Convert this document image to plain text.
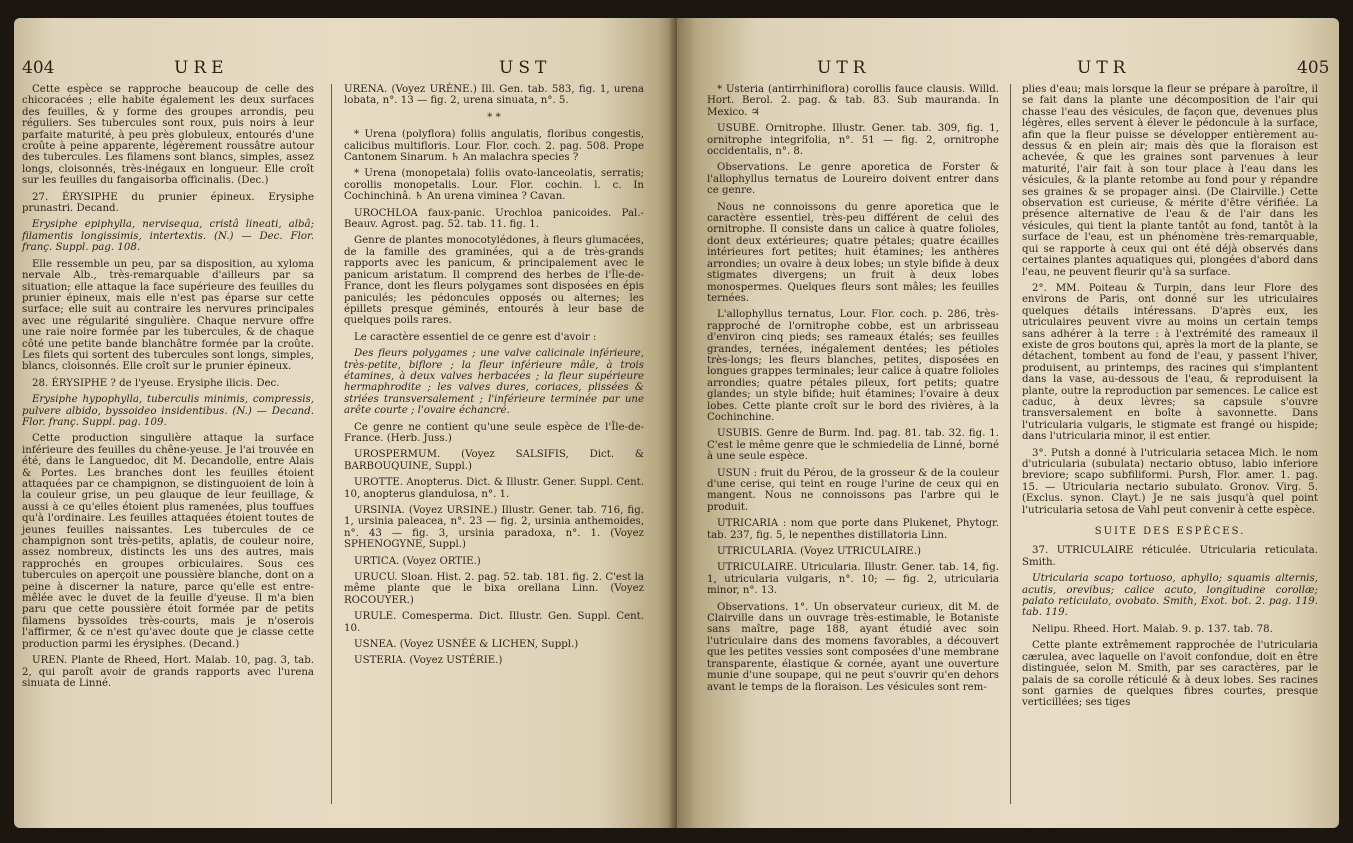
404	URE	UST

Cette espèce se rapproche beaucoup de celle des chicoracées ; elle habite également les deux surfaces des feuilles, & y forme des groupes arrondis, peu réguliers. Ses tubercules sont roux, puis noirs à leur parfaite maturité, à peu près globuleux, entourés d'une croûte à peine apparente, légèrement roussâtre autour des tubercules. Les filamens sont blancs, simples, assez longs, cloisonnés, très-inégaux en longueur. Elle croît sur les feuilles du fangaisorba officinalis. (Dec.)

27. ÉRYSIPHE du prunier épineux. Erysiphe prunastri. Decand.

Erysiphe epiphylla, nervisequa, cristâ lineati, albâ; filamentis longissimis, intertextis. (N.) — Dec. Flor. franç. Suppl. pag. 108.

Elle ressemble un peu, par sa disposition, au xyloma nervale Alb., très-remarquable d'ailleurs par sa situation; elle attaque la face supérieure des feuilles du prunier épineux, mais elle n'est pas éparse sur cette surface; elle suit au contraire les nervures principales avec une régularité singulière. Chaque nervure offre une raie noire formée par les tubercules, & de chaque côté une petite bande blanchâtre formée par la croûte. Les filets qui sortent des tubercules sont longs, simples, blancs, cloisonnés. Elle croît sur le prunier épineux.

28. ÉRYSIPHE ? de l'yeuse. Erysiphe ilicis. Dec.

Erysiphe hypophylla, tuberculis minimis, compressis, pulvere albido, byssoideo insidentibus. (N.) — Decand. Flor. franç. Suppl. pag. 109.

Cette production singulière attaque la surface inférieure des feuilles du chêne-yeuse. Je l'ai trouvée en été, dans le Languedoc, dit M. Decandolle, entre Alais & Portes. Les branches dont les feuilles étoient attaquées par ce champignon, se distinguoient de loin à la couleur grise, un peu glauque de leur feuillage, & aussi à ce qu'elles étoient plus ramenées, plus touffues qu'à l'ordinaire. Les feuilles attaquées étoient toutes de jeunes feuilles naissantes. Les tubercules de ce champignon sont très-petits, aplatis, de couleur noire, assez nombreux, distincts les uns des autres, mais rapprochés en groupes orbiculaires. Sous ces tubercules on aperçoit une poussière blanche, dont on a peine à discerner la nature, parce qu'elle est entre-mêlée avec le duvet de la feuille d'yeuse. Il m'a bien paru que cette poussière étoit formée par de petits filamens byssoïdes très-courts, mais je n'oserois l'affirmer, & ce n'est qu'avec doute que je classe cette production parmi les érysiphes. (Decand.)

UREN. Plante de Rheed, Hort. Malab. 10, pag. 3, tab. 2, qui paroît avoir de grands rapports avec l'urena sinuata de Linné.

URENA. (Voyez URÈNE.) Ill. Gen. tab. 583, fig. 1, urena lobata, n°. 13 — fig. 2, urena sinuata, n°. 5.

* *

* Urena (polyflora) foliis angulatis, floribus congestis, calicibus multifloris. Lour. Flor. coch. 2. pag. 508. Prope Cantonem Sinarum. ♄ An malachra species ?

* Urena (monopetala) foliis ovato-lanceolatis, serratis; corollis monopetalis. Lour. Flor. cochin. l. c. In Cochinchinâ. ♄ An urena viminea ? Cavan.

UROCHLOA faux-panic. Urochloa panicoides. Pal.-Beauv. Agrost. pag. 52. tab. 11. fig. 1.

Genre de plantes monocotylédones, à fleurs glumacées, de la famille des graminées, qui a de très-grands rapports avec les panicum, & principalement avec le panicum aristatum. Il comprend des herbes de l'Île-de-France, dont les fleurs polygames sont disposées en épis paniculés; les pédoncules opposés ou alternes; les épillets presque géminés, entourés à leur base de quelques poils rares.

Le caractère essentiel de ce genre est d'avoir :

Des fleurs polygames ; une valve calicinale inférieure, très-petite, biflore ; la fleur inférieure mâle, à trois étamines, à deux valves herbacées ; la fleur supérieure hermaphrodite ; les valves dures, coriaces, plissées & striées transversalement ; l'inférieure terminée par une arête courte ; l'ovaire échancré.

Ce genre ne contient qu'une seule espèce de l'Île-de-France. (Herb. Juss.)

UROSPERMUM. (Voyez SALSIFIS, Dict. & BARBOUQUINE, Suppl.)

UROTTE. Anopterus. Dict. & Illustr. Gener. Suppl. Cent. 10, anopterus glandulosa, n°. 1.

URSINIA. (Voyez URSINE.) Illustr. Gener. tab. 716, fig. 1, ursinia paleacea, n°. 23 — fig. 2, ursinia anthemoides, n°. 43 — fig. 3, ursinia paradoxa, n°. 1. (Voyez SPHENOGYNE, Suppl.)

URTICA. (Voyez ORTIE.)

URUCU. Sloan. Hist. 2. pag. 52. tab. 181. fig. 2. C'est la même plante que le bixa orellana Linn. (Voyez ROCOUYER.)

URULE. Comesperma. Dict. Illustr. Gen. Suppl. Cent. 10.

USNEA. (Voyez USNÉE & LICHEN, Suppl.)

USTERIA. (Voyez USTÉRIE.)

UTR	UTR	405

* Usteria (antirrhiniflora) corollis fauce clausis. Willd. Hort. Berol. 2. pag. & tab. 83. Sub mauranda. In Mexico. ♃

USUBE. Ornitrophe. Illustr. Gener. tab. 309, fig. 1, ornitrophe integrifolia, n°. 51 — fig. 2, ornitrophe occidentalis, n°. 8.

Observations. Le genre aporetica de Forster & l'allophyllus ternatus de Loureiro doivent entrer dans ce genre.

Nous ne connoissons du genre aporetica que le caractère essentiel, très-peu différent de celui des ornitrophe. Il consiste dans un calice à quatre folioles, dont deux extérieures; quatre pétales; quatre écailles intérieures fort petites; huit étamines; les anthères arrondies; un ovaire à deux lobes; un style bifide à deux stigmates divergens; un fruit à deux lobes monospermes. Quelques fleurs sont mâles; les feuilles ternées.

L'allophyllus ternatus, Lour. Flor. coch. p. 286, très-rapproché de l'ornitrophe cobbe, est un arbrisseau d'environ cinq pieds; ses rameaux étalés; ses feuilles grandes, ternées, inégalement dentées; les pétioles très-longs; les fleurs blanches, petites, disposées en longues grappes terminales; leur calice à quatre folioles arrondies; quatre pétales pileux, fort petits; quatre glandes; un style bifide; huit étamines; l'ovaire à deux lobes. Cette plante croît sur le bord des rivières, à la Cochinchine.

USUBIS. Genre de Burm. Ind. pag. 81. tab. 32. fig. 1. C'est le même genre que le schmiedelia de Linné, borné à une seule espèce.

USUN : fruit du Pérou, de la grosseur & de la couleur d'une cerise, qui teint en rouge l'urine de ceux qui en mangent. Nous ne connoissons pas l'arbre qui le produit.

UTRICARIA : nom que porte dans Plukenet, Phytogr. tab. 237, fig. 5, le nepenthes distillatoria Linn.

UTRICULARIA. (Voyez UTRICULAIRE.)

UTRICULAIRE. Utricularia. Illustr. Gener. tab. 14, fig. 1, utricularia vulgaris, n°. 10; — fig. 2, utricularia minor, n°. 13.

Observations. 1°. Un observateur curieux, dit M. de Clairville dans un ouvrage très-estimable, le Botaniste sans maître, page 188, ayant étudié avec soin l'utriculaire dans des momens favorables, a découvert que les petites vessies sont composées d'une membrane transparente, élastique & cornée, ayant une ouverture munie d'une soupape, qui ne peut s'ouvrir qu'en dehors avant le temps de la floraison. Les vésicules sont rem-

plies d'eau; mais lorsque la fleur se prépare à paroître, il se fait dans la plante une décomposition de l'air qui chasse l'eau des vésicules, de façon que, devenues plus légères, elles servent à élever le pédoncule à la surface, afin que la fleur puisse se développer entièrement au-dessus & en plein air; mais dès que la floraison est achevée, & que les graines sont parvenues à leur maturité, l'air fait à son tour place à l'eau dans les vésicules, & la plante retombe au fond pour y répandre ses graines & se propager ainsi. (De Clairville.) Cette observation est curieuse, & mérite d'être vérifiée. La présence alternative de l'eau & de l'air dans les vésicules, qui tient la plante tantôt au fond, tantôt à la surface de l'eau, est un phénomène très-remarquable, qui se rapporte à ceux qui ont été déjà observés dans certaines plantes aquatiques qui, plongées d'abord dans l'eau, ne peuvent fleurir qu'à sa surface.

2°. MM. Poiteau & Turpin, dans leur Flore des environs de Paris, ont donné sur les utriculaires quelques détails intéressans. D'après eux, les utriculaires peuvent vivre au moins un certain temps sans adhérer à la terre : à l'extrémité des rameaux il existe de gros boutons qui, après la mort de la plante, se détachent, tombent au fond de l'eau, y passent l'hiver, produisent, au printemps, des racines qui s'implantent dans la vase, au-dessous de l'eau, & reproduisent la plante, outre la reproduction par semences. Le calice est caduc, à deux lèvres; sa capsule s'ouvre transversalement en boîte à savonnette. Dans l'utricularia vulgaris, le stigmate est frangé ou hispide; dans l'utricularia minor, il est entier.

3°. Putsh a donné à l'utricularia setacea Mich. le nom d'utricularia (subulata) nectario obtuso, labio inferiore breviore; scapo subfiliformi. Pursh, Flor. amer. 1. pag. 15. — Utricularia nectario subulato. Gronov. Virg. 5. (Exclus. synon. Clayt.) Je ne sais jusqu'à quel point l'utricularia setosa de Vahl peut convenir à cette espèce.

SUITE DES ESPÈCES.

37. UTRICULAIRE réticulée. Utricularia reticulata. Smith.

Utricularia scapo tortuoso, aphyllo; squamis alternis, acutis, orevibus; calice acuto, longitudine corollæ; palato reticulato, ovobato. Smith, Exot. bot. 2. pag. 119. tab. 119.

Nelipu. Rheed. Hort. Malab. 9. p. 137. tab. 78.

Cette plante extrêmement rapprochée de l'utricularia cærulea, avec laquelle on l'avoit confondue, doit en être distinguée, selon M. Smith, par ses caractères, par le palais de sa corolle réticulé & à deux lobes. Ses racines sont garnies de quelques fibres courtes, presque verticillées; ses tiges
